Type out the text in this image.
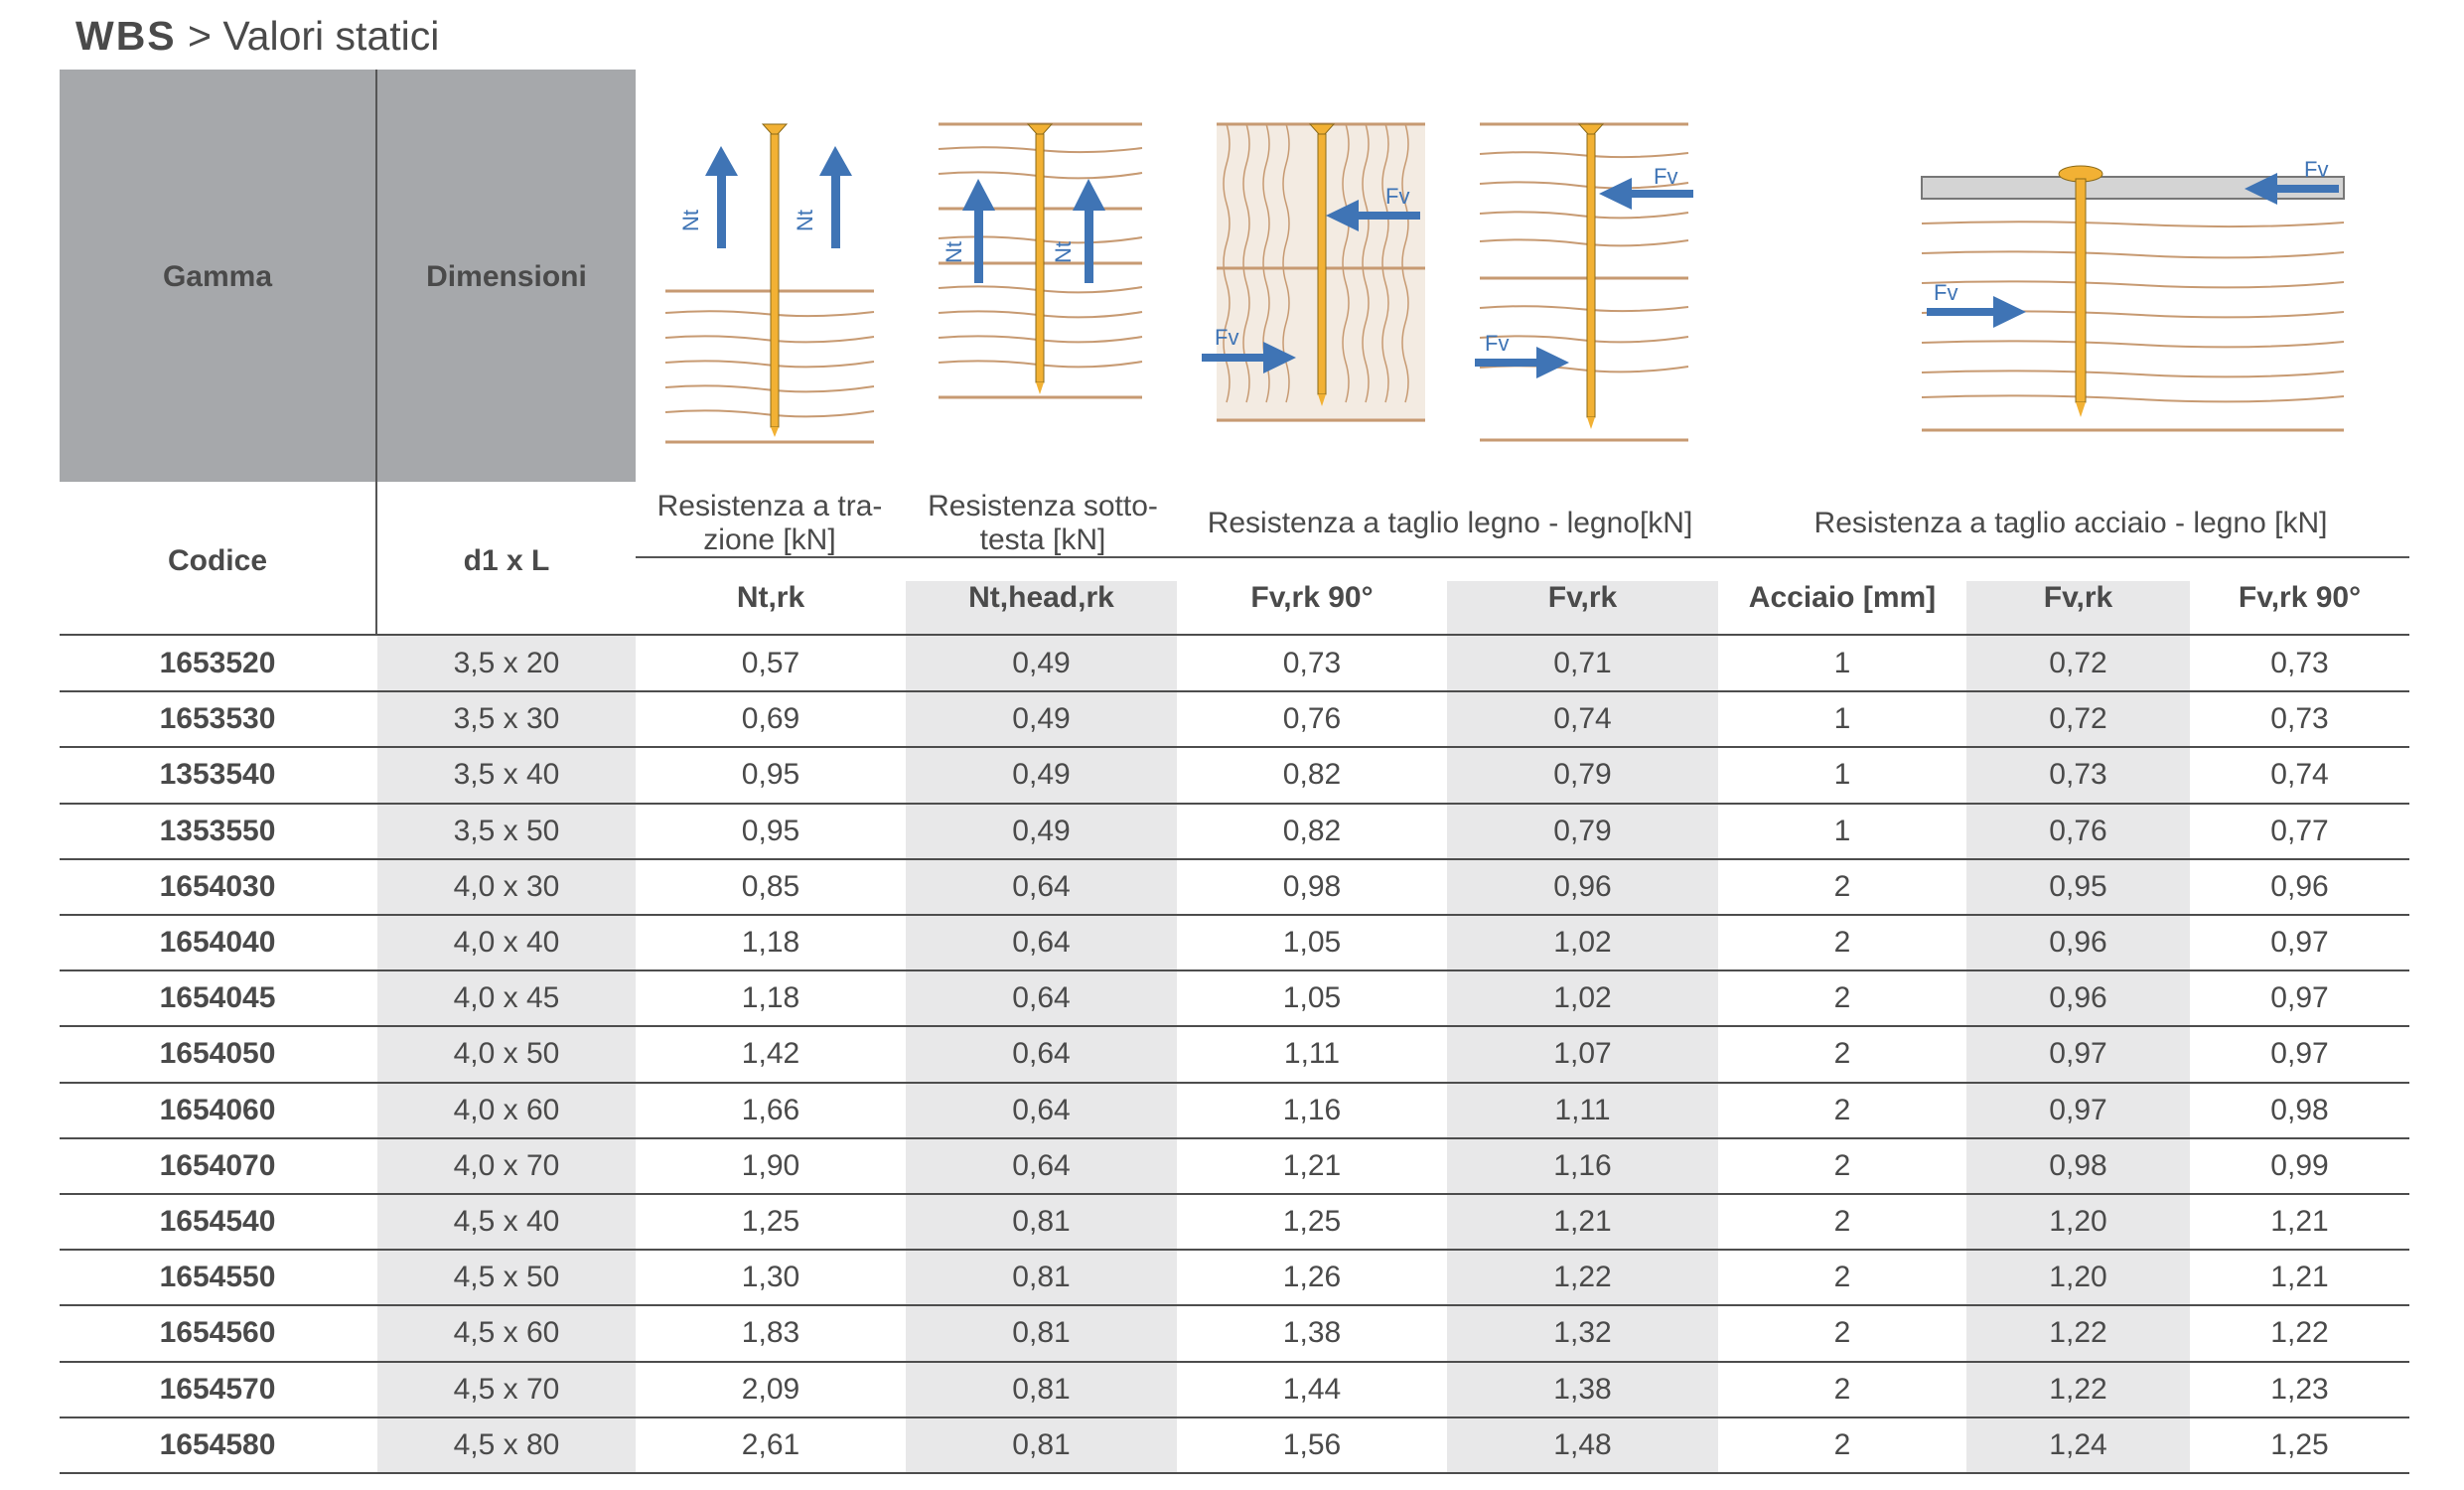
WBS > Valori statici
Gamma	Dimensioni
Codice	d1 x L
Nt	Nt
Nt	Nt
Fv
Fv
Fv
Fv
Fv
Fv
Resistenza a tra-
zione [kN]
Resistenza sotto-
testa [kN]
Resistenza a taglio legno - legno[kN]	Resistenza a taglio acciaio - legno [kN]
Nt,rk	Nt,head,rk	Fv,rk 90°	Fv,rk	Acciaio [mm]	Fv,rk	Fv,rk 90°
1653520	3,5 x 20	0,57	0,49	0,73	0,71	1	0,72	0,73
1653530	3,5 x 30	0,69	0,49	0,76	0,74	1	0,72	0,73
1353540	3,5 x 40	0,95	0,49	0,82	0,79	1	0,73	0,74
1353550	3,5 x 50	0,95	0,49	0,82	0,79	1	0,76	0,77
1654030	4,0 x 30	0,85	0,64	0,98	0,96	2	0,95	0,96
1654040	4,0 x 40	1,18	0,64	1,05	1,02	2	0,96	0,97
1654045	4,0 x 45	1,18	0,64	1,05	1,02	2	0,96	0,97
1654050	4,0 x 50	1,42	0,64	1,11	1,07	2	0,97	0,97
1654060	4,0 x 60	1,66	0,64	1,16	1,11	2	0,97	0,98
1654070	4,0 x 70	1,90	0,64	1,21	1,16	2	0,98	0,99
1654540	4,5 x 40	1,25	0,81	1,25	1,21	2	1,20	1,21
1654550	4,5 x 50	1,30	0,81	1,26	1,22	2	1,20	1,21
1654560	4,5 x 60	1,83	0,81	1,38	1,32	2	1,22	1,22
1654570	4,5 x 70	2,09	0,81	1,44	1,38	2	1,22	1,23
1654580	4,5 x 80	2,61	0,81	1,56	1,48	2	1,24	1,25
